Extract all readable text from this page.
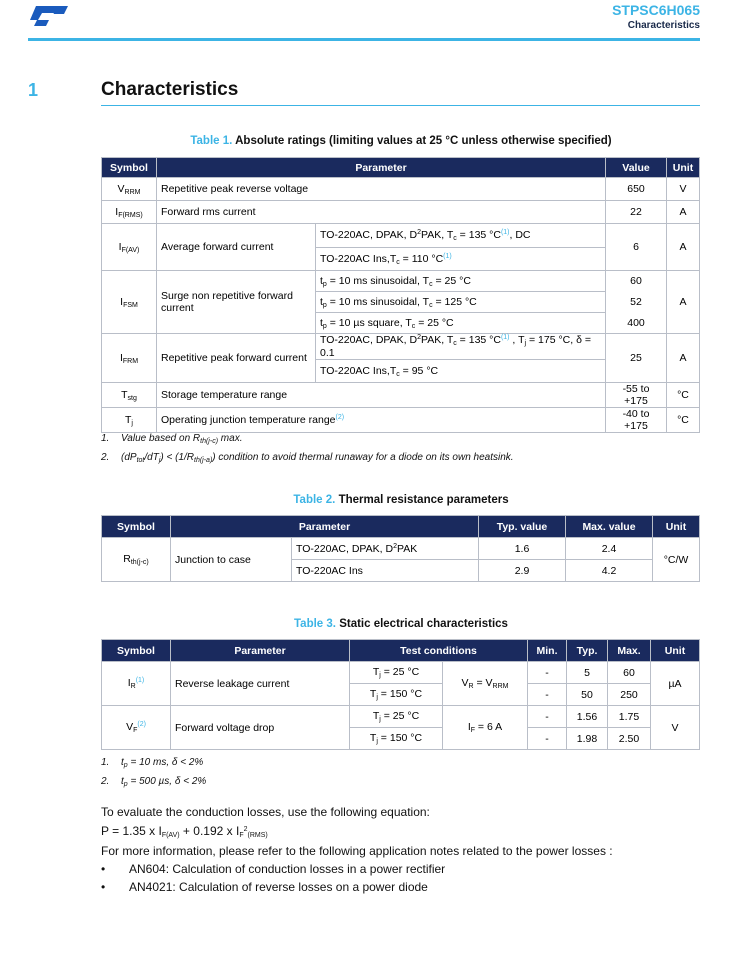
STPSC6H065
Characteristics
1	Characteristics
Table 1. Absolute ratings (limiting values at 25 °C unless otherwise specified)
Symbol	Parameter		Value	Unit
$V_{RRM}$	Repetitive peak reverse voltage		650	V
$I_{F(RMS)}$	Forward rms current		22	A
$I_{F(AV)}$	Average forward current	TO-220AC, DPAK, $D^2PAK$, $T_c = 135$ °C$^{(1)}$, DC	6	A
		TO-220AC $Ins,T_c = 110$ °C$^{(1)}$
$I_{FSM}$	Surge non repetitive forward current	$t_p = 10$ ms sinusoidal, $T_c = 25$ °C	60	A
		$t_p = 10$ ms sinusoidal, $T_c = 125$ °C	52	
		$t_p = 10$ µs square, $T_c = 25$ °C	400	
$I_{FRM}$	Repetitive peak forward current	TO-220AC, DPAK, $D^2PAK$, $T_c = 135$ °C$^{(1)}$ , $T_j = 175$ °C, δ = 0.1	25	A
		TO-220AC $Ins,T_c = 95$ °C		
$T_{stg}$	Storage temperature range		-55 to +175	°C
$T_j$	Operating junction temperature range$^{(2)}$		-40 to +175	°C
1. Value based on $R_{th(j-c)}$ max.
2. $(dP_{tot}/dT_j) < (1/R_{th(j-a)})$ condition to avoid thermal runaway for a diode on its own heatsink.
Table 2. Thermal resistance parameters
Symbol	Parameter		Typ. value	Max. value	Unit
$R_{th(j-c)}$	Junction to case	TO-220AC, DPAK, $D^2PAK$	1.6	2.4	°C/W
		TO-220AC Ins	2.9	4.2	
Table 3. Static electrical characteristics
Symbol	Parameter	Test conditions		Min.	Typ.	Max.	Unit
$I_R^{(1)}$	Reverse leakage current	$T_j = 25$ °C	$V_R = V_{RRM}$	-	5	60	µA
		$T_j = 150$ °C		-	50	250	
$V_F^{(2)}$	Forward voltage drop	$T_j = 25$ °C	$I_F = 6$ A	-	1.56	1.75	V
		$T_j = 150$ °C		-	1.98	2.50	
1. $t_p = 10$ ms, δ < 2%
2. $t_p = 500$ µs, δ < 2%
To evaluate the conduction losses, use the following equation:
P = 1.35 x $I_{F(AV)} + 0.192$ x $I_F^2_{(RMS)}$
For more information, please refer to the following application notes related to the power losses :
• AN604: Calculation of conduction losses in a power rectifier
• AN4021: Calculation of reverse losses on a power diode
